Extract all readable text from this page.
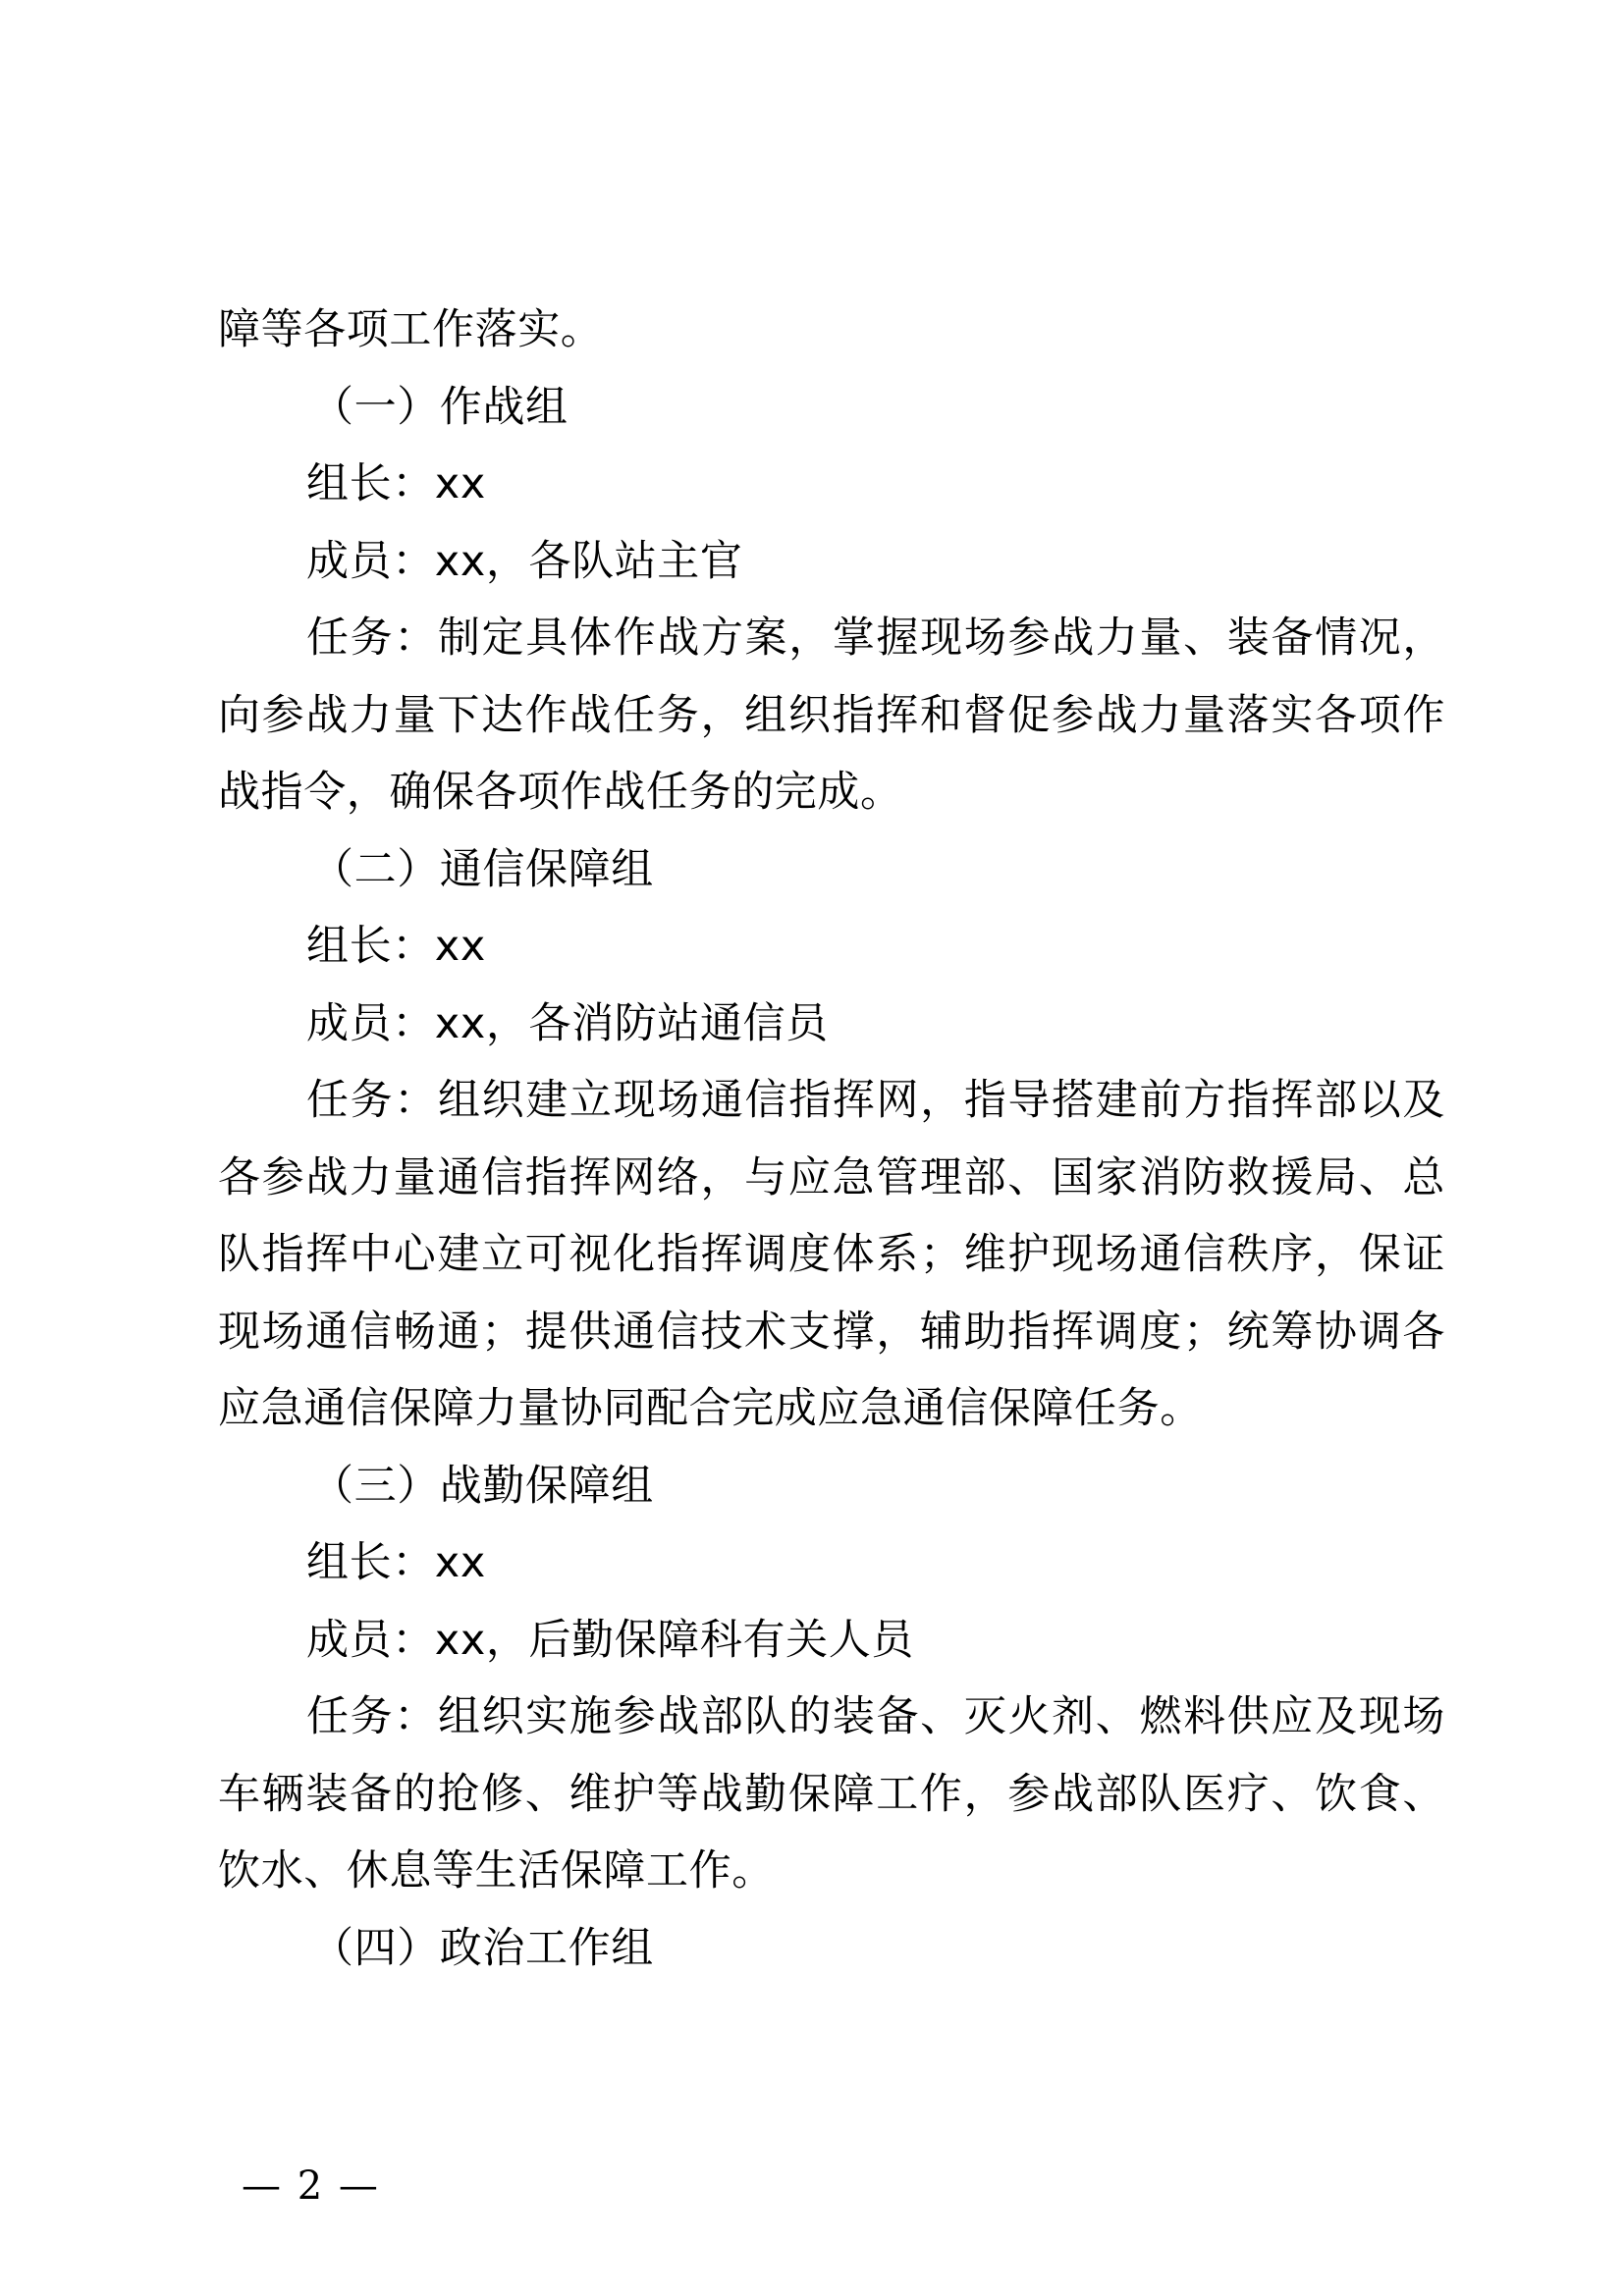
障等各项工作落实。

（一）作战组

组长：xx

成员：xx，各队站主官

任务：制定具体作战方案，掌握现场参战力量、装备情况，向参战力量下达作战任务，组织指挥和督促参战力量落实各项作战指令，确保各项作战任务的完成。

（二）通信保障组

组长：xx

成员：xx，各消防站通信员

任务：组织建立现场通信指挥网，指导搭建前方指挥部以及各参战力量通信指挥网络，与应急管理部、国家消防救援局、总队指挥中心建立可视化指挥调度体系；维护现场通信秩序，保证现场通信畅通；提供通信技术支撑，辅助指挥调度；统筹协调各应急通信保障力量协同配合完成应急通信保障任务。

（三）战勤保障组

组长：xx

成员：xx，后勤保障科有关人员

任务：组织实施参战部队的装备、灭火剂、燃料供应及现场车辆装备的抢修、维护等战勤保障工作，参战部队医疗、饮食、饮水、休息等生活保障工作。

（四）政治工作组

— 2 —
